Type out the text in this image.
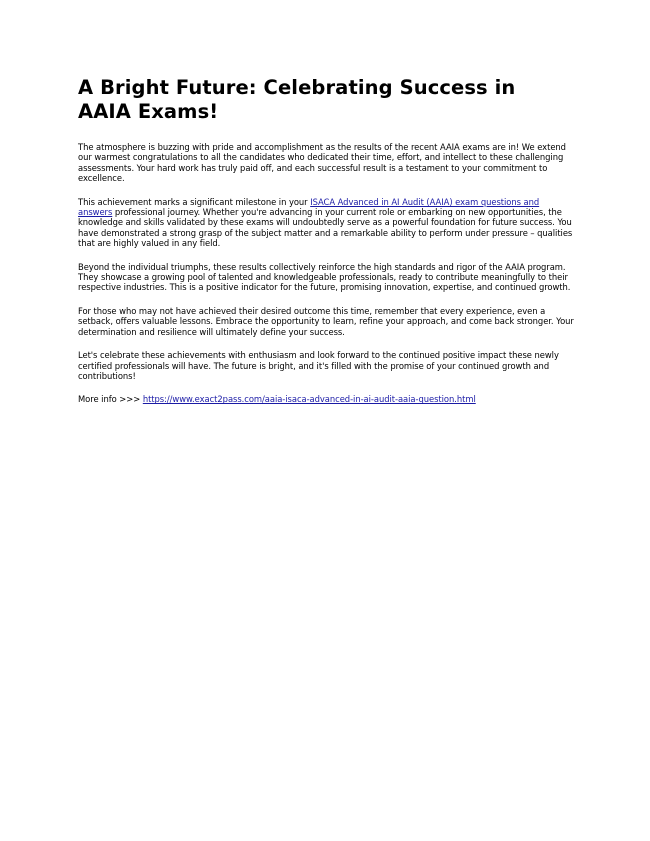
A Bright Future: Celebrating Success in AAIA Exams!

The atmosphere is buzzing with pride and accomplishment as the results of the recent AAIA exams are in! We extend our warmest congratulations to all the candidates who dedicated their time, effort, and intellect to these challenging assessments. Your hard work has truly paid off, and each successful result is a testament to your commitment to excellence.

This achievement marks a significant milestone in your ISACA Advanced in AI Audit (AAIA) exam questions and answers professional journey. Whether you're advancing in your current role or embarking on new opportunities, the knowledge and skills validated by these exams will undoubtedly serve as a powerful foundation for future success. You have demonstrated a strong grasp of the subject matter and a remarkable ability to perform under pressure – qualities that are highly valued in any field.

Beyond the individual triumphs, these results collectively reinforce the high standards and rigor of the AAIA program. They showcase a growing pool of talented and knowledgeable professionals, ready to contribute meaningfully to their respective industries. This is a positive indicator for the future, promising innovation, expertise, and continued growth.

For those who may not have achieved their desired outcome this time, remember that every experience, even a setback, offers valuable lessons. Embrace the opportunity to learn, refine your approach, and come back stronger. Your determination and resilience will ultimately define your success.

Let's celebrate these achievements with enthusiasm and look forward to the continued positive impact these newly certified professionals will have. The future is bright, and it's filled with the promise of your continued growth and contributions!

More info >>> https://www.exact2pass.com/aaia-isaca-advanced-in-ai-audit-aaia-question.html
